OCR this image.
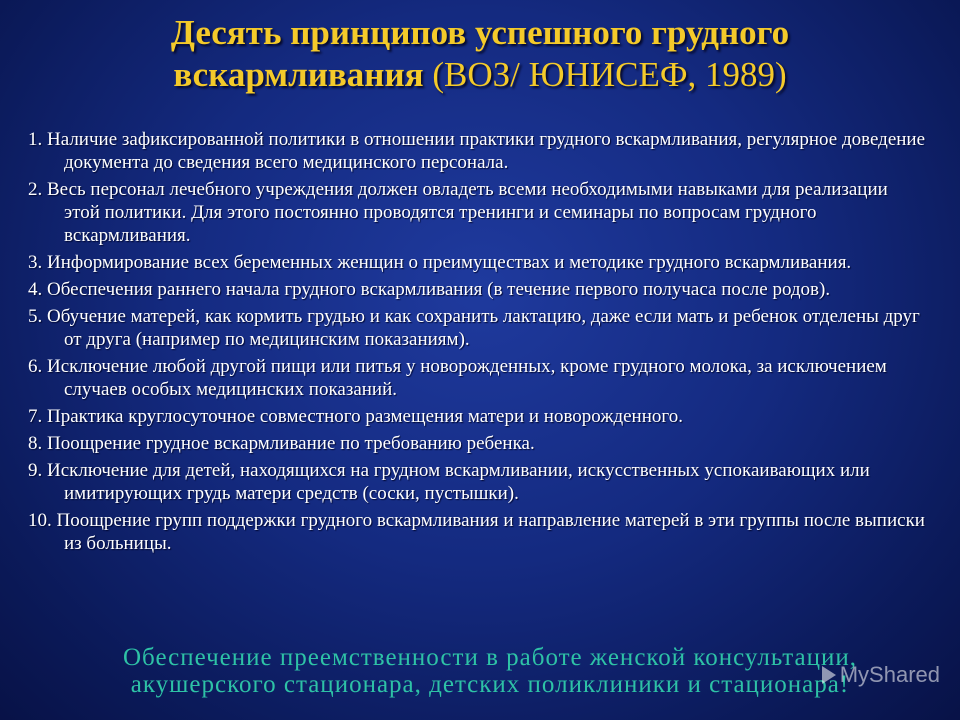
Десять принципов успешного грудного
вскармливания (ВОЗ/ ЮНИСЕФ, 1989)
1. Наличие зафиксированной политики в отношении практики грудного вскармливания, регулярное доведение документа до сведения всего медицинского персонала.
2. Весь персонал лечебного учреждения должен овладеть всеми необходимыми навыками для реализации этой политики. Для этого постоянно проводятся тренинги и семинары по вопросам грудного вскармливания.
3. Информирование всех беременных женщин о преимуществах и методике грудного вскармливания.
4. Обеспечения раннего начала грудного вскармливания (в течение первого получаса после родов).
5. Обучение матерей, как кормить грудью и как сохранить лактацию, даже если мать и ребенок отделены друг от друга (например по медицинским показаниям).
6. Исключение любой другой пищи или питья у новорожденных, кроме грудного молока, за исключением случаев особых медицинских показаний.
7. Практика круглосуточное совместного размещения матери и новорожденного.
8. Поощрение грудное вскармливание по требованию ребенка.
9. Исключение для детей, находящихся на грудном вскармливании, искусственных успокаивающих или имитирующих грудь матери средств (соски, пустышки).
10. Поощрение групп поддержки грудного вскармливания и направление матерей в эти группы после выписки из больницы.
Обеспечение преемственности в работе женской консультации,
акушерского стационара, детских поликлиники и стационара!
MyShared
